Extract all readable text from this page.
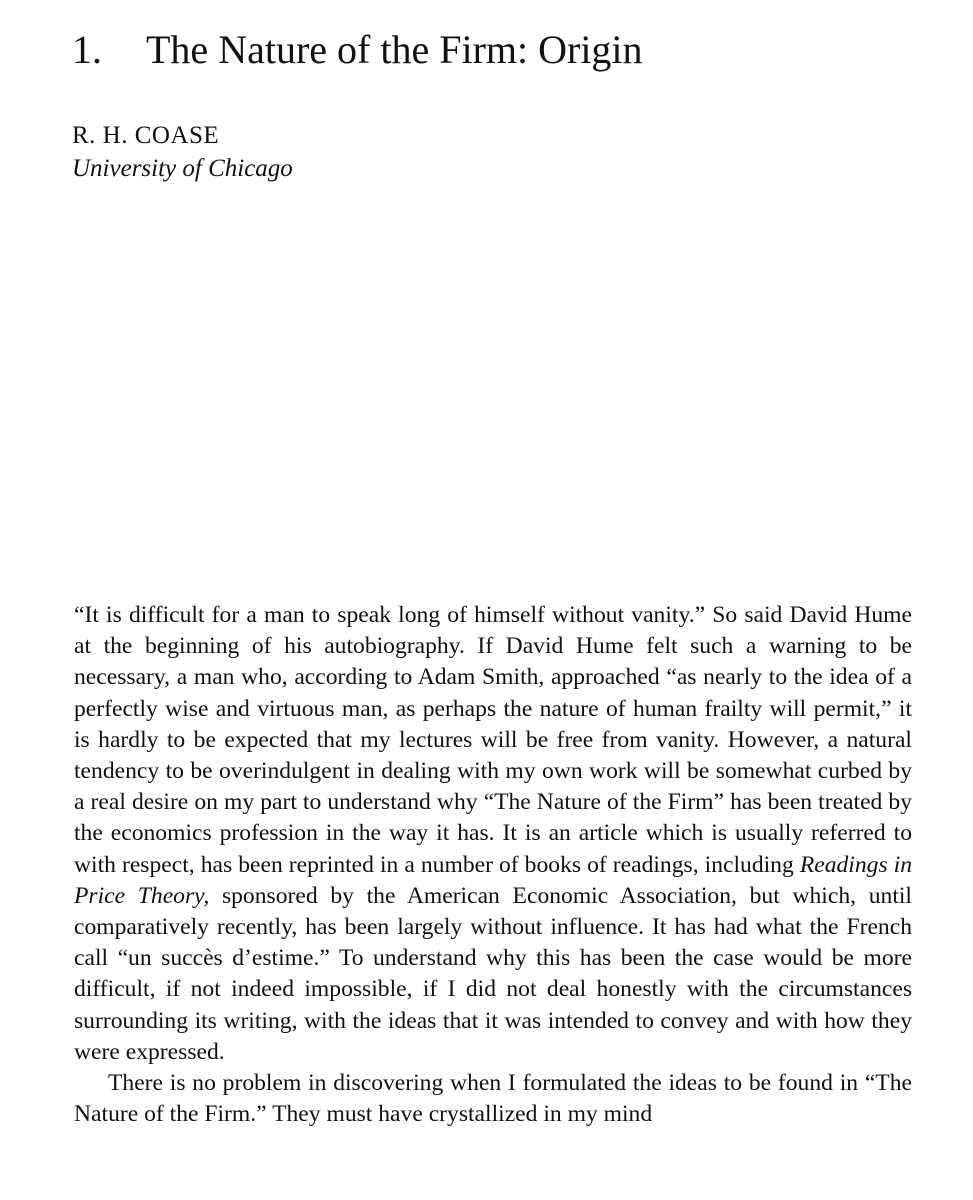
1. The Nature of the Firm: Origin
R. H. COASE
University of Chicago

“It is difficult for a man to speak long of himself without vanity.” So said David Hume at the beginning of his autobiography. If David Hume felt such a warning to be necessary, a man who, according to Adam Smith, approached “as nearly to the idea of a perfectly wise and virtuous man, as perhaps the nature of human frailty will permit,” it is hardly to be expected that my lectures will be free from vanity. However, a natural tendency to be overindulgent in dealing with my own work will be somewhat curbed by a real desire on my part to understand why “The Nature of the Firm” has been treated by the economics profession in the way it has. It is an article which is usually referred to with respect, has been reprinted in a number of books of readings, including Readings in Price Theory, sponsored by the American Economic Association, but which, until comparatively recently, has been largely without influence. It has had what the French call “un succès d’estime.” To understand why this has been the case would be more difficult, if not indeed impossible, if I did not deal honestly with the circumstances surrounding its writing, with the ideas that it was intended to convey and with how they were expressed.

There is no problem in discovering when I formulated the ideas to be found in “The Nature of the Firm.” They must have crystallized in my mind
